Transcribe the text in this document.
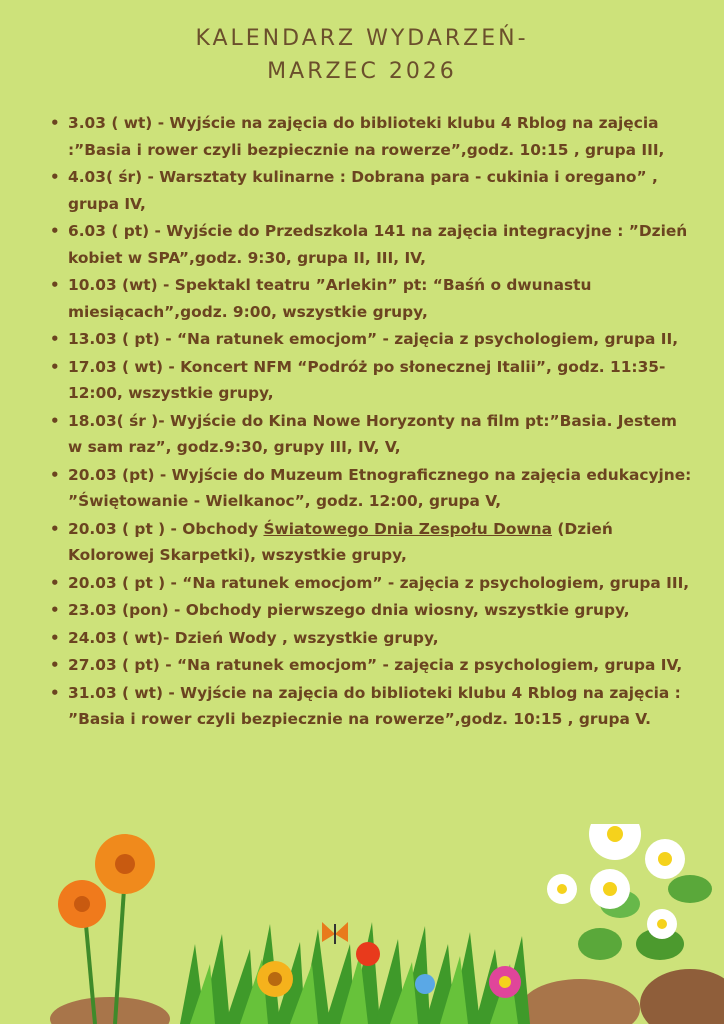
KALENDARZ WYDARZEŃ-
MARZEC 2026
• 3.03 ( wt) - Wyjście na zajęcia do biblioteki klubu 4 Rblog na zajęcia :”Basia i rower czyli bezpiecznie na rowerze”,godz. 10:15 , grupa III,
• 4.03( śr) - Warsztaty kulinarne : Dobrana para - cukinia i oregano” , grupa IV,
• 6.03 ( pt) - Wyjście do Przedszkola 141 na zajęcia integracyjne : ”Dzień kobiet w SPA”,godz. 9:30, grupa II, III, IV,
• 10.03 (wt) - Spektakl teatru ”Arlekin” pt: “Baśń o dwunastu miesiącach”,godz. 9:00, wszystkie grupy,
• 13.03 ( pt) - “Na ratunek emocjom” - zajęcia z psychologiem, grupa II,
• 17.03 ( wt) - Koncert NFM “Podróż po słonecznej Italii”, godz. 11:35-12:00, wszystkie grupy,
• 18.03( śr )- Wyjście do Kina Nowe Horyzonty na film pt:”Basia. Jestem w sam raz”, godz.9:30, grupy III, IV, V,
• 20.03 (pt) - Wyjście do Muzeum Etnograficznego na zajęcia edukacyjne: ”Świętowanie - Wielkanoc”, godz. 12:00, grupa V,
• 20.03 ( pt ) - Obchody Światowego Dnia Zespołu Downa (Dzień Kolorowej Skarpetki), wszystkie grupy,
• 20.03 ( pt ) - “Na ratunek emocjom” - zajęcia z psychologiem, grupa III,
• 23.03 (pon) - Obchody pierwszego dnia wiosny, wszystkie grupy,
• 24.03 ( wt)- Dzień Wody , wszystkie grupy,
• 27.03 ( pt) - “Na ratunek emocjom” - zajęcia z psychologiem, grupa IV,
• 31.03 ( wt) - Wyjście na zajęcia do biblioteki klubu 4 Rblog na zajęcia : ”Basia i rower czyli bezpiecznie na rowerze”,godz. 10:15 , grupa V.
